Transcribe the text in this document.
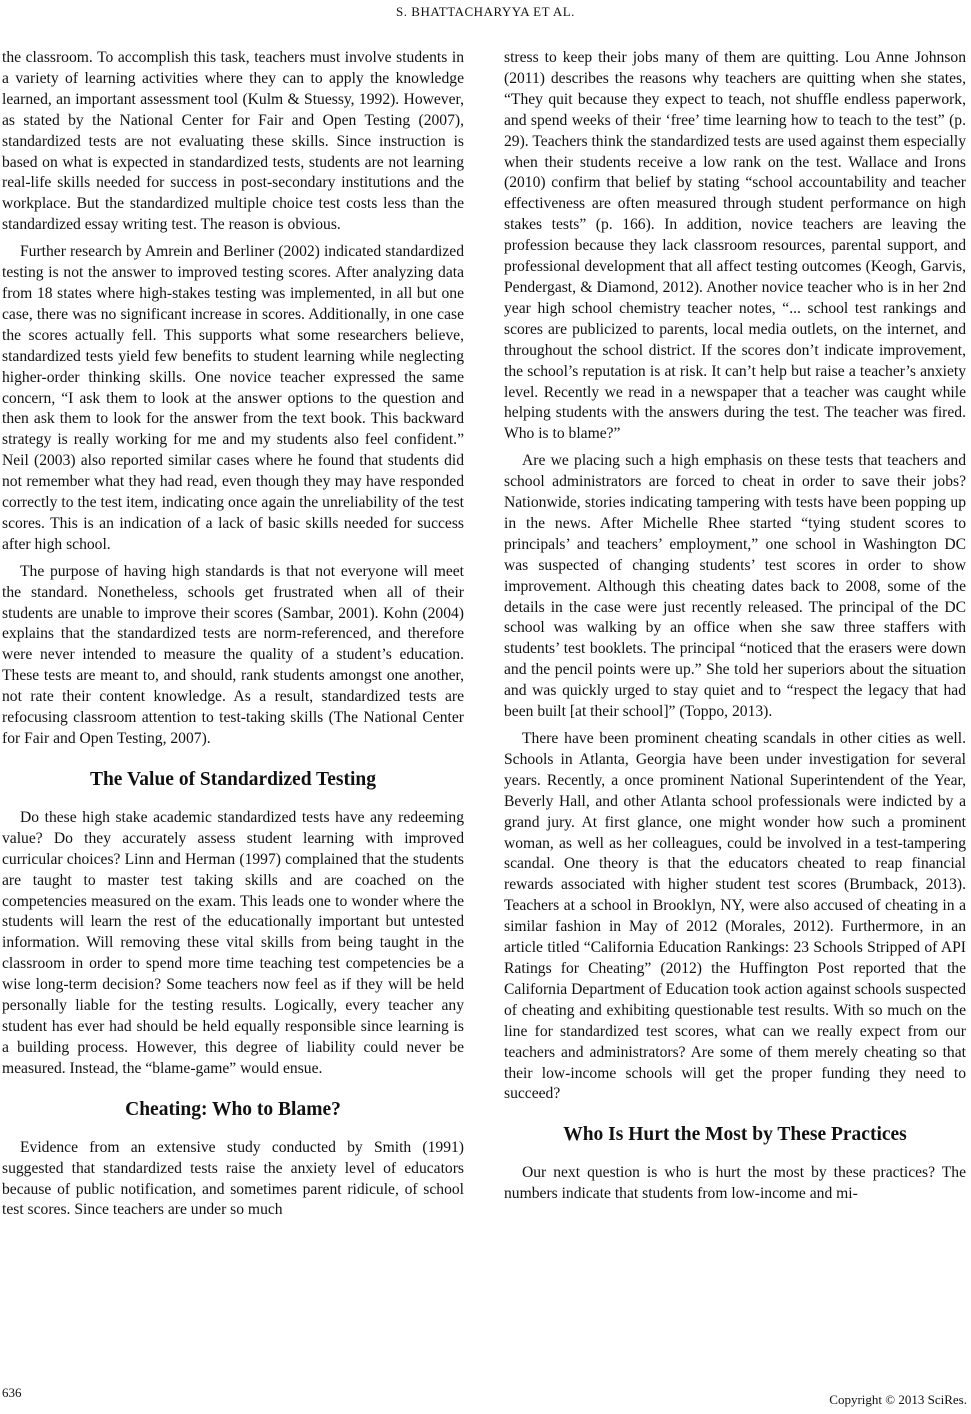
S. BHATTACHARYYA ET AL.

the classroom. To accomplish this task, teachers must involve students in a variety of learning activities where they can to apply the knowledge learned, an important assessment tool (Kulm & Stuessy, 1992). However, as stated by the National Center for Fair and Open Testing (2007), standardized tests are not evaluating these skills. Since instruction is based on what is expected in standardized tests, students are not learning real-life skills needed for success in post-secondary institutions and the workplace. But the standardized multiple choice test costs less than the standardized essay writing test. The reason is obvious.

Further research by Amrein and Berliner (2002) indicated standardized testing is not the answer to improved testing scores. After analyzing data from 18 states where high-stakes testing was implemented, in all but one case, there was no significant increase in scores. Additionally, in one case the scores actually fell. This supports what some researchers believe, standardized tests yield few benefits to student learning while neglecting higher-order thinking skills. One novice teacher expressed the same concern, “I ask them to look at the answer options to the question and then ask them to look for the answer from the text book. This backward strategy is really working for me and my students also feel confident.” Neil (2003) also reported similar cases where he found that students did not remember what they had read, even though they may have responded correctly to the test item, indicating once again the unreliability of the test scores. This is an indication of a lack of basic skills needed for success after high school.

The purpose of having high standards is that not everyone will meet the standard. Nonetheless, schools get frustrated when all of their students are unable to improve their scores (Sambar, 2001). Kohn (2004) explains that the standardized tests are norm-referenced, and therefore were never intended to measure the quality of a student’s education. These tests are meant to, and should, rank students amongst one another, not rate their content knowledge. As a result, standardized tests are refocusing classroom attention to test-taking skills (The National Center for Fair and Open Testing, 2007).

The Value of Standardized Testing

Do these high stake academic standardized tests have any redeeming value? Do they accurately assess student learning with improved curricular choices? Linn and Herman (1997) complained that the students are taught to master test taking skills and are coached on the competencies measured on the exam. This leads one to wonder where the students will learn the rest of the educationally important but untested information. Will removing these vital skills from being taught in the classroom in order to spend more time teaching test competencies be a wise long-term decision? Some teachers now feel as if they will be held personally liable for the testing results. Logically, every teacher any student has ever had should be held equally responsible since learning is a building process. However, this degree of liability could never be measured. Instead, the “blame-game” would ensue.

Cheating: Who to Blame?

Evidence from an extensive study conducted by Smith (1991) suggested that standardized tests raise the anxiety level of educators because of public notification, and sometimes parent ridicule, of school test scores. Since teachers are under so much

stress to keep their jobs many of them are quitting. Lou Anne Johnson (2011) describes the reasons why teachers are quitting when she states, “They quit because they expect to teach, not shuffle endless paperwork, and spend weeks of their ‘free’ time learning how to teach to the test” (p. 29). Teachers think the standardized tests are used against them especially when their students receive a low rank on the test. Wallace and Irons (2010) confirm that belief by stating “school accountability and teacher effectiveness are often measured through student performance on high stakes tests” (p. 166). In addition, novice teachers are leaving the profession because they lack classroom resources, parental support, and professional development that all affect testing outcomes (Keogh, Garvis, Pendergast, & Diamond, 2012). Another novice teacher who is in her 2nd year high school chemistry teacher notes, “... school test rankings and scores are publicized to parents, local media outlets, on the internet, and throughout the school district. If the scores don’t indicate improvement, the school’s reputation is at risk. It can’t help but raise a teacher’s anxiety level. Recently we read in a newspaper that a teacher was caught while helping students with the answers during the test. The teacher was fired. Who is to blame?”

Are we placing such a high emphasis on these tests that teachers and school administrators are forced to cheat in order to save their jobs? Nationwide, stories indicating tampering with tests have been popping up in the news. After Michelle Rhee started “tying student scores to principals’ and teachers’ employment,” one school in Washington DC was suspected of changing students’ test scores in order to show improvement. Although this cheating dates back to 2008, some of the details in the case were just recently released. The principal of the DC school was walking by an office when she saw three staffers with students’ test booklets. The principal “noticed that the erasers were down and the pencil points were up.” She told her superiors about the situation and was quickly urged to stay quiet and to “respect the legacy that had been built [at their school]” (Toppo, 2013).

There have been prominent cheating scandals in other cities as well. Schools in Atlanta, Georgia have been under investigation for several years. Recently, a once prominent National Superintendent of the Year, Beverly Hall, and other Atlanta school professionals were indicted by a grand jury. At first glance, one might wonder how such a prominent woman, as well as her colleagues, could be involved in a test-tampering scandal. One theory is that the educators cheated to reap financial rewards associated with higher student test scores (Brumback, 2013). Teachers at a school in Brooklyn, NY, were also accused of cheating in a similar fashion in May of 2012 (Morales, 2012). Furthermore, in an article titled “California Education Rankings: 23 Schools Stripped of API Ratings for Cheating” (2012) the Huffington Post reported that the California Department of Education took action against schools suspected of cheating and exhibiting questionable test results. With so much on the line for standardized test scores, what can we really expect from our teachers and administrators? Are some of them merely cheating so that their low-income schools will get the proper funding they need to succeed?

Who Is Hurt the Most by These Practices

Our next question is who is hurt the most by these practices? The numbers indicate that students from low-income and mi-

636	Copyright © 2013 SciRes.
